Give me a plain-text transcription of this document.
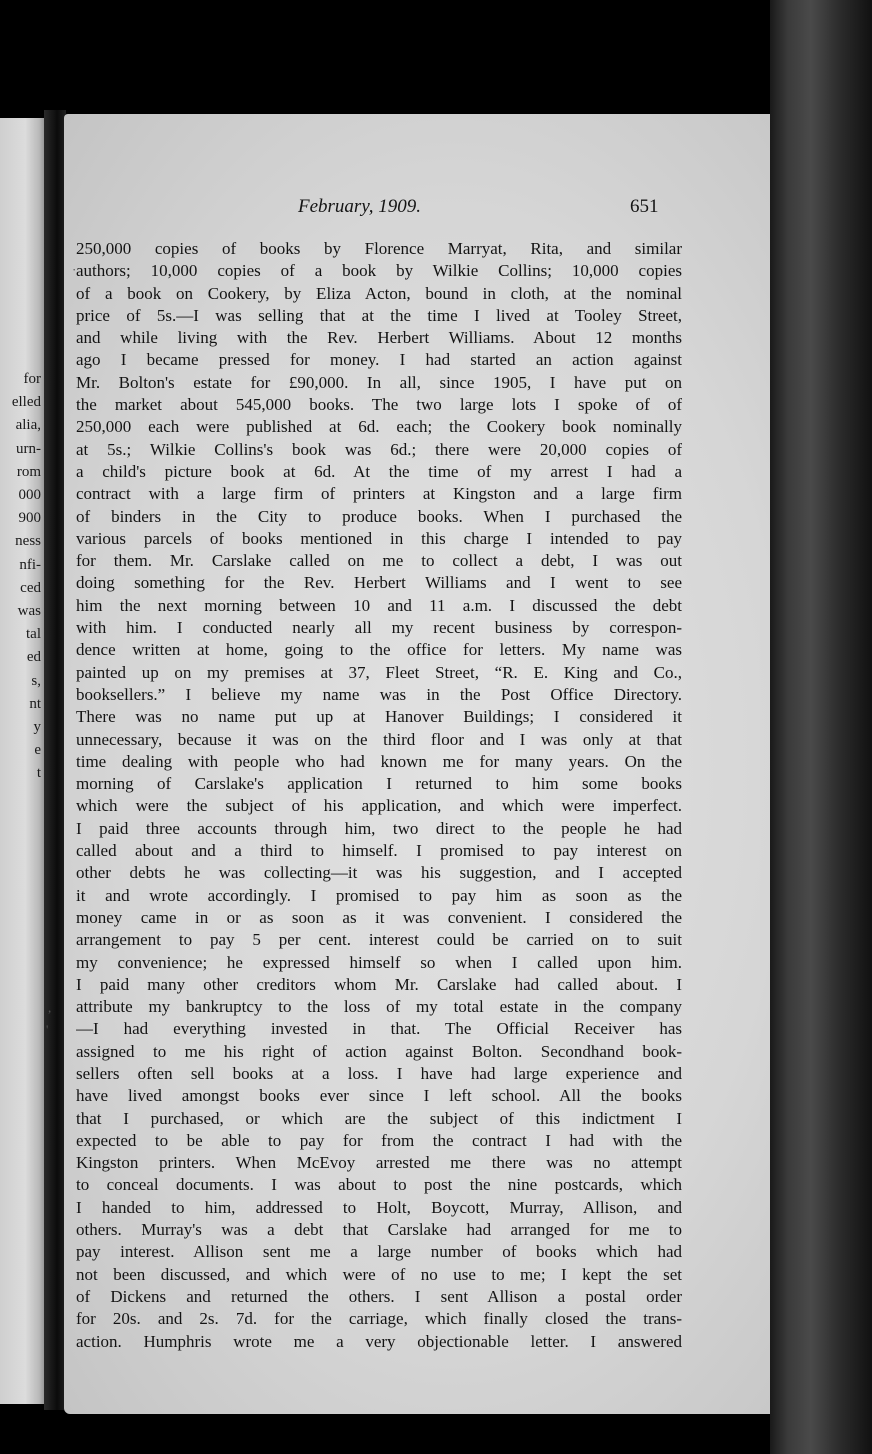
for
elled
alia,
urn-
rom
000
900
ness
nfi-
ced
was
tal
ed
s,
nt
y
e
t
February, 1909.	651
250,000 copies of books by Florence Marryat, Rita, and similar
authors; 10,000 copies of a book by Wilkie Collins; 10,000 copies
of a book on Cookery, by Eliza Acton, bound in cloth, at the nominal
price of 5s.—I was selling that at the time I lived at Tooley Street,
and while living with the Rev. Herbert Williams. About 12 months
ago I became pressed for money. I had started an action against
Mr. Bolton's estate for £90,000. In all, since 1905, I have put on
the market about 545,000 books. The two large lots I spoke of of
250,000 each were published at 6d. each; the Cookery book nominally
at 5s.; Wilkie Collins's book was 6d.; there were 20,000 copies of
a child's picture book at 6d. At the time of my arrest I had a
contract with a large firm of printers at Kingston and a large firm
of binders in the City to produce books. When I purchased the
various parcels of books mentioned in this charge I intended to pay
for them. Mr. Carslake called on me to collect a debt, I was out
doing something for the Rev. Herbert Williams and I went to see
him the next morning between 10 and 11 a.m. I discussed the debt
with him. I conducted nearly all my recent business by correspon-
dence written at home, going to the office for letters. My name was
painted up on my premises at 37, Fleet Street, “R. E. King and Co.,
booksellers.” I believe my name was in the Post Office Directory.
There was no name put up at Hanover Buildings; I considered it
unnecessary, because it was on the third floor and I was only at that
time dealing with people who had known me for many years. On the
morning of Carslake's application I returned to him some books
which were the subject of his application, and which were imperfect.
I paid three accounts through him, two direct to the people he had
called about and a third to himself. I promised to pay interest on
other debts he was collecting—it was his suggestion, and I accepted
it and wrote accordingly. I promised to pay him as soon as the
money came in or as soon as it was convenient. I considered the
arrangement to pay 5 per cent. interest could be carried on to suit
my convenience; he expressed himself so when I called upon him.
I paid many other creditors whom Mr. Carslake had called about. I
attribute my bankruptcy to the loss of my total estate in the company
—I had everything invested in that. The Official Receiver has
assigned to me his right of action against Bolton. Secondhand book-
sellers often sell books at a loss. I have had large experience and
have lived amongst books ever since I left school. All the books
that I purchased, or which are the subject of this indictment I
expected to be able to pay for from the contract I had with the
Kingston printers. When McEvoy arrested me there was no attempt
to conceal documents. I was about to post the nine postcards, which
I handed to him, addressed to Holt, Boycott, Murray, Allison, and
others. Murray's was a debt that Carslake had arranged for me to
pay interest. Allison sent me a large number of books which had
not been discussed, and which were of no use to me; I kept the set
of Dickens and returned the others. I sent Allison a postal order
for 20s. and 2s. 7d. for the carriage, which finally closed the trans-
action. Humphris wrote me a very objectionable letter. I answered
·
,
'
